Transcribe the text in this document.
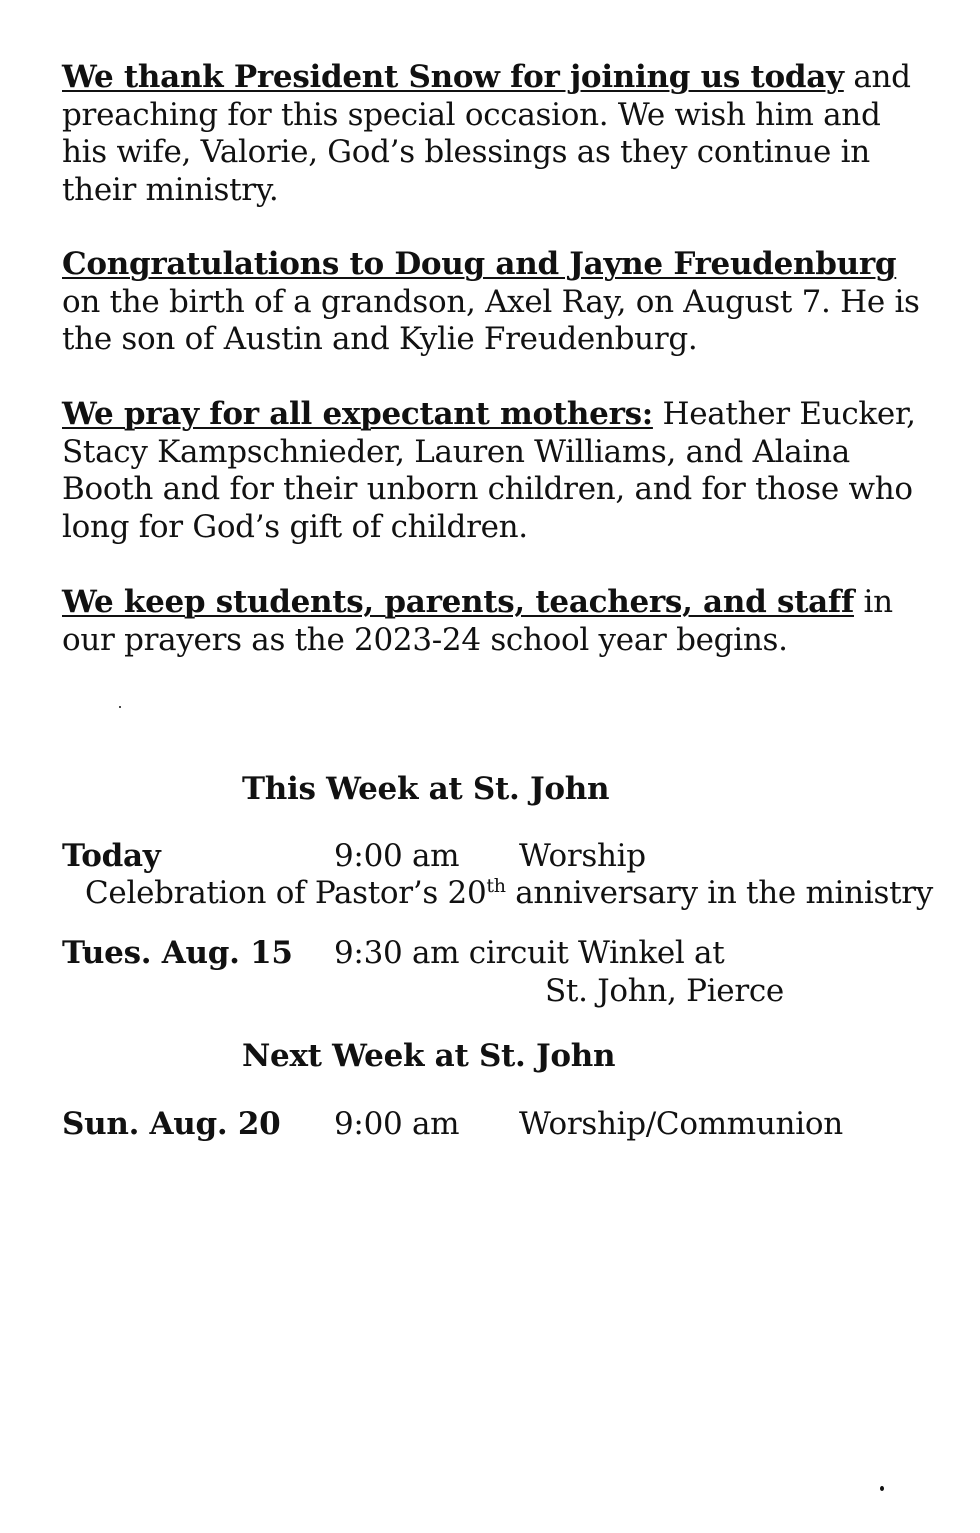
We thank President Snow for joining us today and preaching for this special occasion. We wish him and his wife, Valorie, God’s blessings as they continue in their ministry.
Congratulations to Doug and Jayne Freudenburg on the birth of a grandson, Axel Ray, on August 7. He is the son of Austin and Kylie Freudenburg.
We pray for all expectant mothers: Heather Eucker, Stacy Kampschnieder, Lauren Williams, and Alaina Booth and for their unborn children, and for those who long for God’s gift of children.
We keep students, parents, teachers, and staff in our prayers as the 2023-24 school year begins.
This Week at St. John
Today	9:00 am Worship
Celebration of Pastor’s 20th anniversary in the ministry
Tues. Aug. 15 9:30 am circuit Winkel at
St. John, Pierce
Next Week at St. John
Sun. Aug. 20 9:00 am Worship/Communion
